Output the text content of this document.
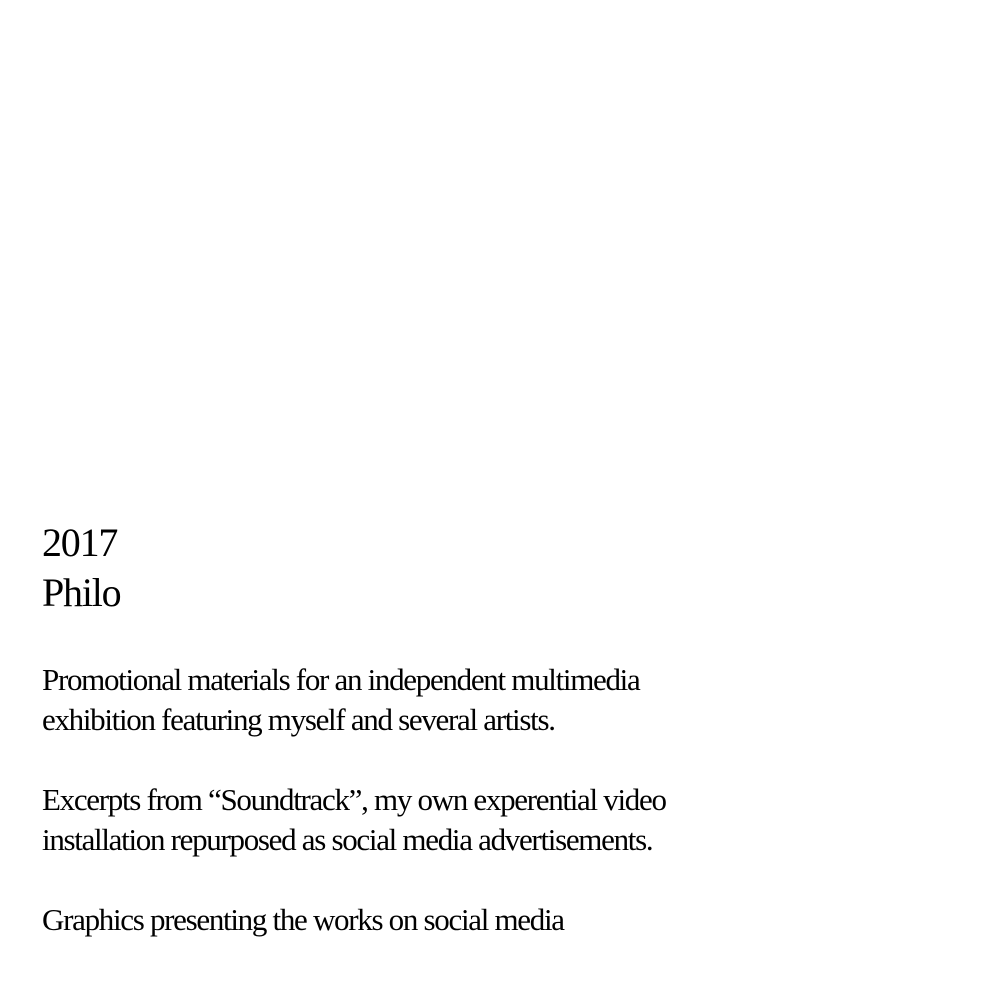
2017
Philo

Promotional materials for an independent multimedia
exhibition featuring myself and several artists.

Excerpts from “Soundtrack”, my own experential video
installation repurposed as social media advertisements.

Graphics presenting the works on social media
